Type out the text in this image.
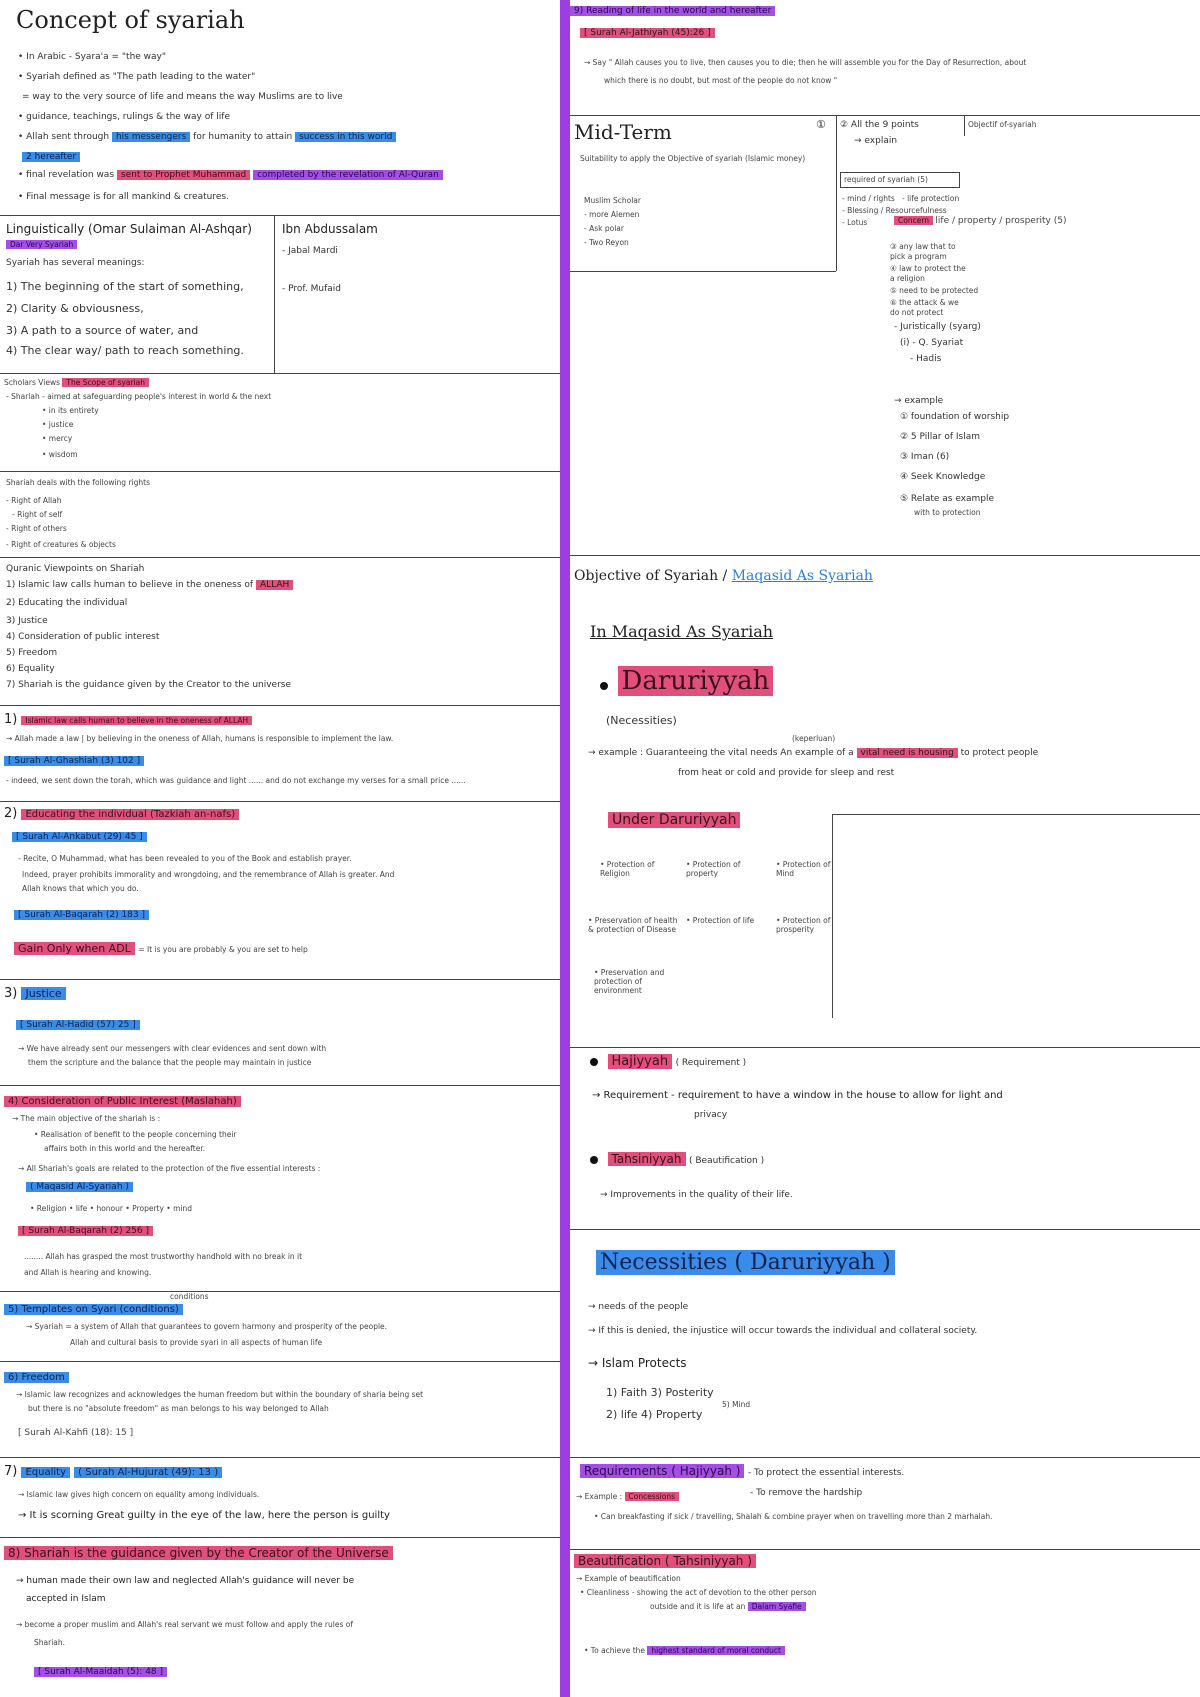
Concept of syariah
• In Arabic - Syara'a = "the way"
• Syariah defined as "The path leading to the water"
= way to the very source of life and means the way Muslims are to live
• guidance, teachings, rulings & the way of life
• Allah sent through his messengers for humanity to attain success in this world
2 hereafter
• final revelation was sent to Prophet Muhammad completed by the revelation of Al-Quran
• Final message is for all mankind & creatures.
Linguistically (Omar Sulaiman Al-Ashqar)
Dar Very Syariah
Syariah has several meanings:
1) The beginning of the start of something,
2) Clarity & obviousness,
3) A path to a source of water, and
4) The clear way/ path to reach something.
Ibn Abdussalam
- Jabal Mardi
- Prof. Mufaid
Scholars Views The Scope of syariah
- Shariah - aimed at safeguarding people's interest in world & the next
• in its entirety
• justice
• mercy
• wisdom
Shariah deals with the following rights
- Right of Allah
- Right of self
- Right of others
- Right of creatures & objects
Quranic Viewpoints on Shariah
1) Islamic law calls human to believe in the oneness of ALLAH
2) Educating the individual
3) Justice
4) Consideration of public interest
5) Freedom
6) Equality
7) Shariah is the guidance given by the Creator to the universe
1) Islamic law calls human to believe in the oneness of ALLAH
→ Allah made a law | by believing in the oneness of Allah, humans is responsible to implement the law.
[ Surah Al-Ghashiah (3) 102 ]
- indeed, we sent down the torah, which was guidance and light ...... and do not exchange my verses for a small price ......
2) Educating the individual (Tazkiah an-nafs)
[ Surah Al-Ankabut (29) 45 ]
- Recite, O Muhammad, what has been revealed to you of the Book and establish prayer.
Indeed, prayer prohibits immorality and wrongdoing, and the remembrance of Allah is greater. And
Allah knows that which you do.
[ Surah Al-Baqarah (2) 183 ]
Gain Only when ADL = It is you are probably & you are set to help
3) Justice
[ Surah Al-Hadid (57) 25 ]
→ We have already sent our messengers with clear evidences and sent down with
them the scripture and the balance that the people may maintain in justice
4) Consideration of Public Interest (Maslahah)
→ The main objective of the shariah is :
• Realisation of benefit to the people concerning their
affairs both in this world and the hereafter.
→ All Shariah's goals are related to the protection of the five essential interests :
( Maqasid Al-Syariah )
• Religion • life • honour • Property • mind
[ Surah Al-Baqarah (2) 256 ]
........ Allah has grasped the most trustworthy handhold with no break in it
and Allah is hearing and knowing.
conditions
5) Templates on Syari (conditions)
→ Syariah = a system of Allah that guarantees to govern harmony and prosperity of the people.
Allah and cultural basis to provide syari in all aspects of human life
6) Freedom
→ Islamic law recognizes and acknowledges the human freedom but within the boundary of sharia being set
but there is no "absolute freedom" as man belongs to his way belonged to Allah
[ Surah Al-Kahfi (18): 15 ]
7) Equality ( Surah Al-Hujurat (49): 13 )
→ Islamic law gives high concern on equality among individuals.
→ It is scorning Great guilty in the eye of the law, here the person is guilty
8) Shariah is the guidance given by the Creator of the Universe
→ human made their own law and neglected Allah's guidance will never be
accepted in Islam
→ become a proper muslim and Allah's real servant we must follow and apply the rules of
Shariah.
[ Surah Al-Maaidah (5): 48 ]
9) Reading of life in the world and hereafter
[ Surah Al-Jathiyah (45):26 ]
→ Say " Allah causes you to live, then causes you to die; then he will assemble you for the Day of Resurrection, about
which there is no doubt, but most of the people do not know "
Mid-Term
Suitability to apply the Objective of syariah (Islamic money)
Muslim Scholar
- more Alemen
- Ask polar
- Two Reyon
① ② All the 9 points
→ explain
Objectif of-syariah
required of syariah (5)
- mind / rights
- Blessing / Resourcefulness
- Lotus
- life protection
Concern life / property / prosperity (5)
③ any law that to
pick a program
④ law to protect the
a religion
⑤ need to be protected
⑥ the attack & we
do not protect
- Juristically (syarg)
(i) - Q. Syariat
- Hadis
→ example
① foundation of worship
② 5 Pillar of Islam
③ Iman (6)
④ Seek Knowledge
⑤ Relate as example
with to protection
Objective of Syariah / Maqasid As Syariah
In Maqasid As Syariah
Daruriyyah
(Necessities)
(keperluan)
→ example : Guaranteeing the vital needs An example of a vital need is housing to protect people
from heat or cold and provide for sleep and rest
Under Daruriyyah
• Protection of Religion
• Protection of property
• Protection of Mind
• Preservation of health & protection of Disease
• Protection of life	• Protection of prosperity
• Preservation and protection of environment
Hajiyyah ( Requirement )
→ Requirement - requirement to have a window in the house to allow for light and
privacy
Tahsiniyyah ( Beautification )
→ Improvements in the quality of their life.
Necessities ( Daruriyyah )
→ needs of the people
→ If this is denied, the injustice will occur towards the individual and collateral society.
→ Islam Protects
1) Faith 3) Posterity
2) life 4) Property
5) Mind
Requirements ( Hajiyyah ) - To protect the essential interests.
- To remove the hardship
→ Example : Concessions
• Can breakfasting if sick / travelling, Shalah & combine prayer when on travelling more than 2 marhalah.
Beautification ( Tahsiniyyah )
→ Example of beautification
• Cleanliness - showing the act of devotion to the other person
outside and it is life at an Dalam Syafie
• To achieve the highest standard of moral conduct
